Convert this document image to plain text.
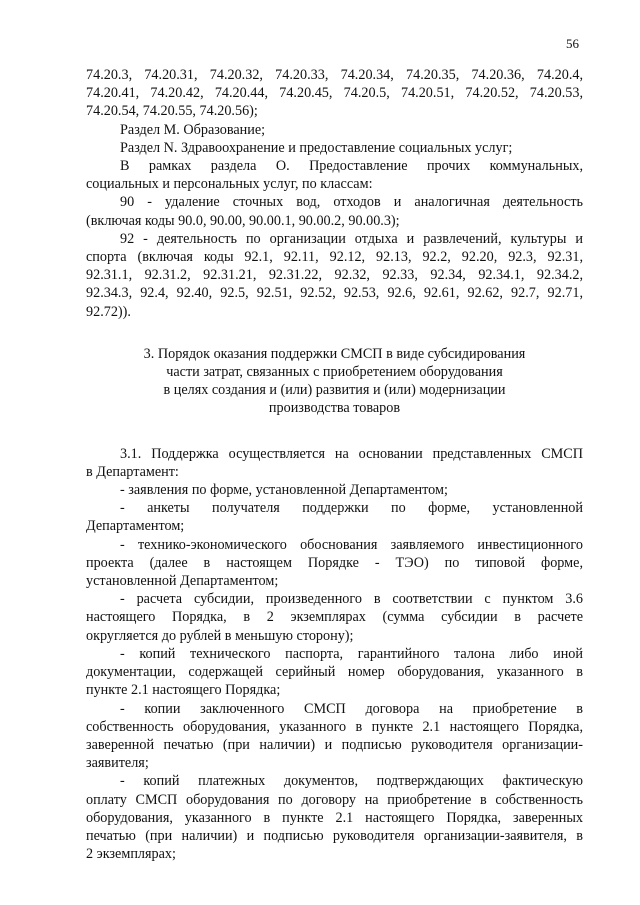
56

74.20.3, 74.20.31, 74.20.32, 74.20.33, 74.20.34, 74.20.35, 74.20.36, 74.20.4,

74.20.41, 74.20.42, 74.20.44, 74.20.45, 74.20.5, 74.20.51, 74.20.52, 74.20.53,

74.20.54, 74.20.55, 74.20.56);

Раздел M. Образование;

Раздел N. Здравоохранение и предоставление социальных услуг;

В рамках раздела О. Предоставление прочих коммунальных,

социальных и персональных услуг, по классам:

90 - удаление сточных вод, отходов и аналогичная деятельность

(включая коды 90.0, 90.00, 90.00.1, 90.00.2, 90.00.3);

92 - деятельность по организации отдыха и развлечений, культуры и

спорта (включая коды 92.1, 92.11, 92.12, 92.13, 92.2, 92.20, 92.3, 92.31,

92.31.1, 92.31.2, 92.31.21, 92.31.22, 92.32, 92.33, 92.34, 92.34.1, 92.34.2,

92.34.3, 92.4, 92.40, 92.5, 92.51, 92.52, 92.53, 92.6, 92.61, 92.62, 92.7, 92.71,

92.72)).

3. Порядок оказания поддержки СМСП в виде субсидирования
части затрат, связанных с приобретением оборудования
в целях создания и (или) развития и (или) модернизации
производства товаров

3.1. Поддержка осуществляется на основании представленных СМСП

в Департамент:

- заявления по форме, установленной Департаментом;

- анкеты получателя поддержки по форме, установленной

Департаментом;

- технико-экономического обоснования заявляемого инвестиционного

проекта (далее в настоящем Порядке - ТЭО) по типовой форме,

установленной Департаментом;

- расчета субсидии, произведенного в соответствии с пунктом 3.6

настоящего Порядка, в 2 экземплярах (сумма субсидии в расчете

округляется до рублей в меньшую сторону);

- копий технического паспорта, гарантийного талона либо иной

документации, содержащей серийный номер оборудования, указанного в

пункте 2.1 настоящего Порядка;

- копии заключенного СМСП договора на приобретение в

собственность оборудования, указанного в пункте 2.1 настоящего Порядка,

заверенной печатью (при наличии) и подписью руководителя организации-

заявителя;

- копий платежных документов, подтверждающих фактическую

оплату СМСП оборудования по договору на приобретение в собственность

оборудования, указанного в пункте 2.1 настоящего Порядка, заверенных

печатью (при наличии) и подписью руководителя организации-заявителя, в

2 экземплярах;
